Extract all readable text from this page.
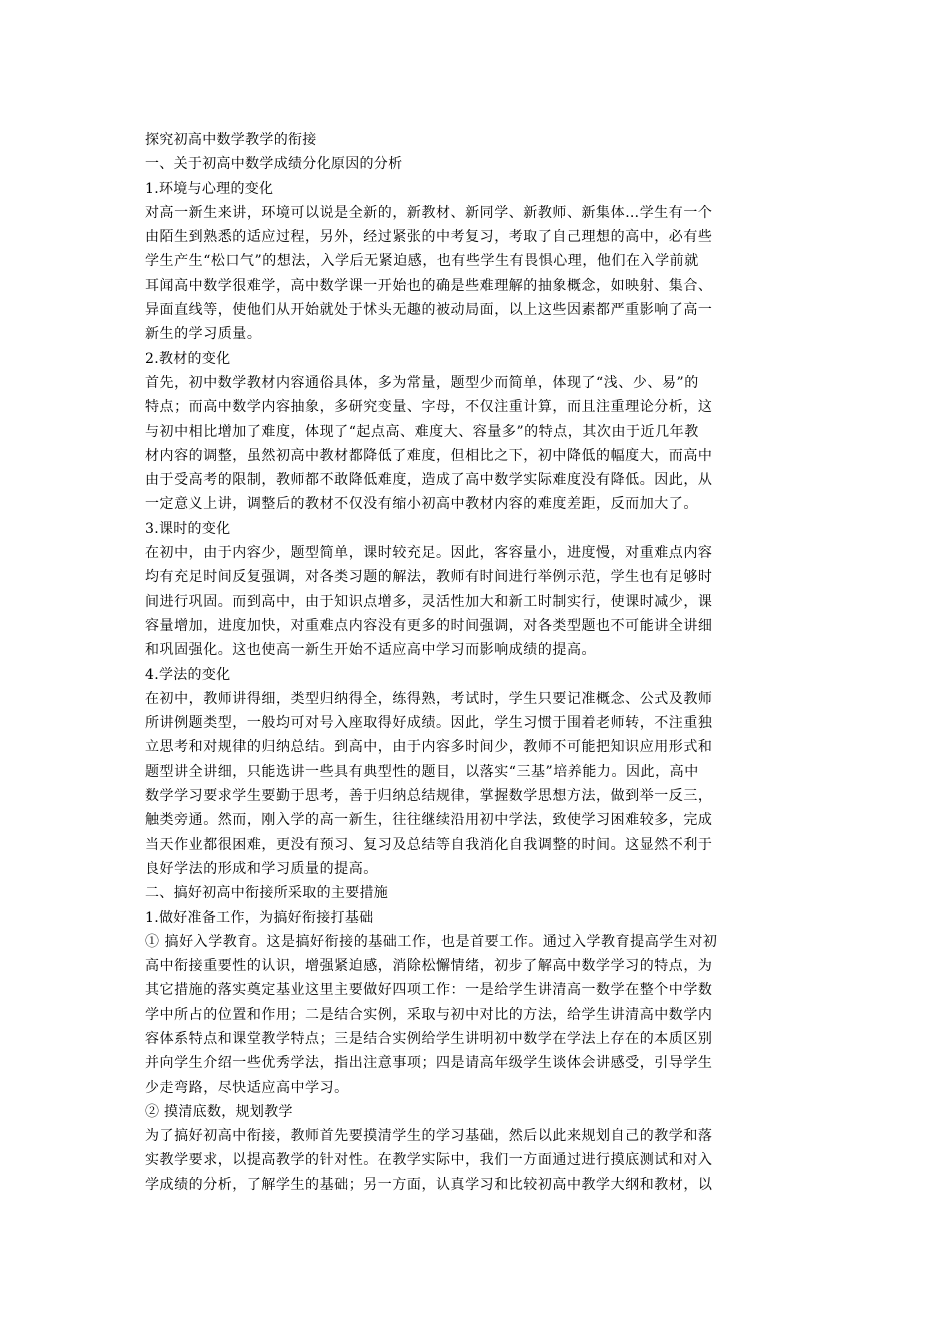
探究初高中数学教学的衔接
一、关于初高中数学成绩分化原因的分析
1.环境与心理的变化
对高一新生来讲，环境可以说是全新的，新教材、新同学、新教师、新集体…学生有一个
由陌生到熟悉的适应过程，另外，经过紧张的中考复习，考取了自己理想的高中，必有些
学生产生“松口气”的想法，入学后无紧迫感，也有些学生有畏惧心理，他们在入学前就
耳闻高中数学很难学，高中数学课一开始也的确是些难理解的抽象概念，如映射、集合、
异面直线等，使他们从开始就处于怵头无趣的被动局面，以上这些因素都严重影响了高一
新生的学习质量。
2.教材的变化
首先，初中数学教材内容通俗具体，多为常量，题型少而简单，体现了“浅、少、易”的
特点；而高中数学内容抽象，多研究变量、字母，不仅注重计算，而且注重理论分析，这
与初中相比增加了难度，体现了“起点高、难度大、容量多”的特点，其次由于近几年教
材内容的调整，虽然初高中教材都降低了难度，但相比之下，初中降低的幅度大，而高中
由于受高考的限制，教师都不敢降低难度，造成了高中数学实际难度没有降低。因此，从
一定意义上讲，调整后的教材不仅没有缩小初高中教材内容的难度差距，反而加大了。
3.课时的变化
在初中，由于内容少，题型简单，课时较充足。因此，客容量小，进度慢，对重难点内容
均有充足时间反复强调，对各类习题的解法，教师有时间进行举例示范，学生也有足够时
间进行巩固。而到高中，由于知识点增多，灵活性加大和新工时制实行，使课时减少，课
容量增加，进度加快，对重难点内容没有更多的时间强调，对各类型题也不可能讲全讲细
和巩固强化。这也使高一新生开始不适应高中学习而影响成绩的提高。
4.学法的变化
在初中，教师讲得细，类型归纳得全，练得熟，考试时，学生只要记准概念、公式及教师
所讲例题类型，一般均可对号入座取得好成绩。因此，学生习惯于围着老师转，不注重独
立思考和对规律的归纳总结。到高中，由于内容多时间少，教师不可能把知识应用形式和
题型讲全讲细，只能选讲一些具有典型性的题目，以落实“三基”培养能力。因此，高中
数学学习要求学生要勤于思考，善于归纳总结规律，掌握数学思想方法，做到举一反三，
触类旁通。然而，刚入学的高一新生，往往继续沿用初中学法，致使学习困难较多，完成
当天作业都很困难，更没有预习、复习及总结等自我消化自我调整的时间。这显然不利于
良好学法的形成和学习质量的提高。
二、搞好初高中衔接所采取的主要措施
1.做好准备工作，为搞好衔接打基础
① 搞好入学教育。这是搞好衔接的基础工作，也是首要工作。通过入学教育提高学生对初
高中衔接重要性的认识，增强紧迫感，消除松懈情绪，初步了解高中数学学习的特点，为
其它措施的落实奠定基业这里主要做好四项工作：一是给学生讲清高一数学在整个中学数
学中所占的位置和作用；二是结合实例，采取与初中对比的方法，给学生讲清高中数学内
容体系特点和课堂教学特点；三是结合实例给学生讲明初中数学在学法上存在的本质区别
并向学生介绍一些优秀学法，指出注意事项；四是请高年级学生谈体会讲感受，引导学生
少走弯路，尽快适应高中学习。
② 摸清底数，规划教学
为了搞好初高中衔接，教师首先要摸清学生的学习基础，然后以此来规划自己的教学和落
实教学要求，以提高教学的针对性。在教学实际中，我们一方面通过进行摸底测试和对入
学成绩的分析，了解学生的基础；另一方面，认真学习和比较初高中教学大纲和教材，以
